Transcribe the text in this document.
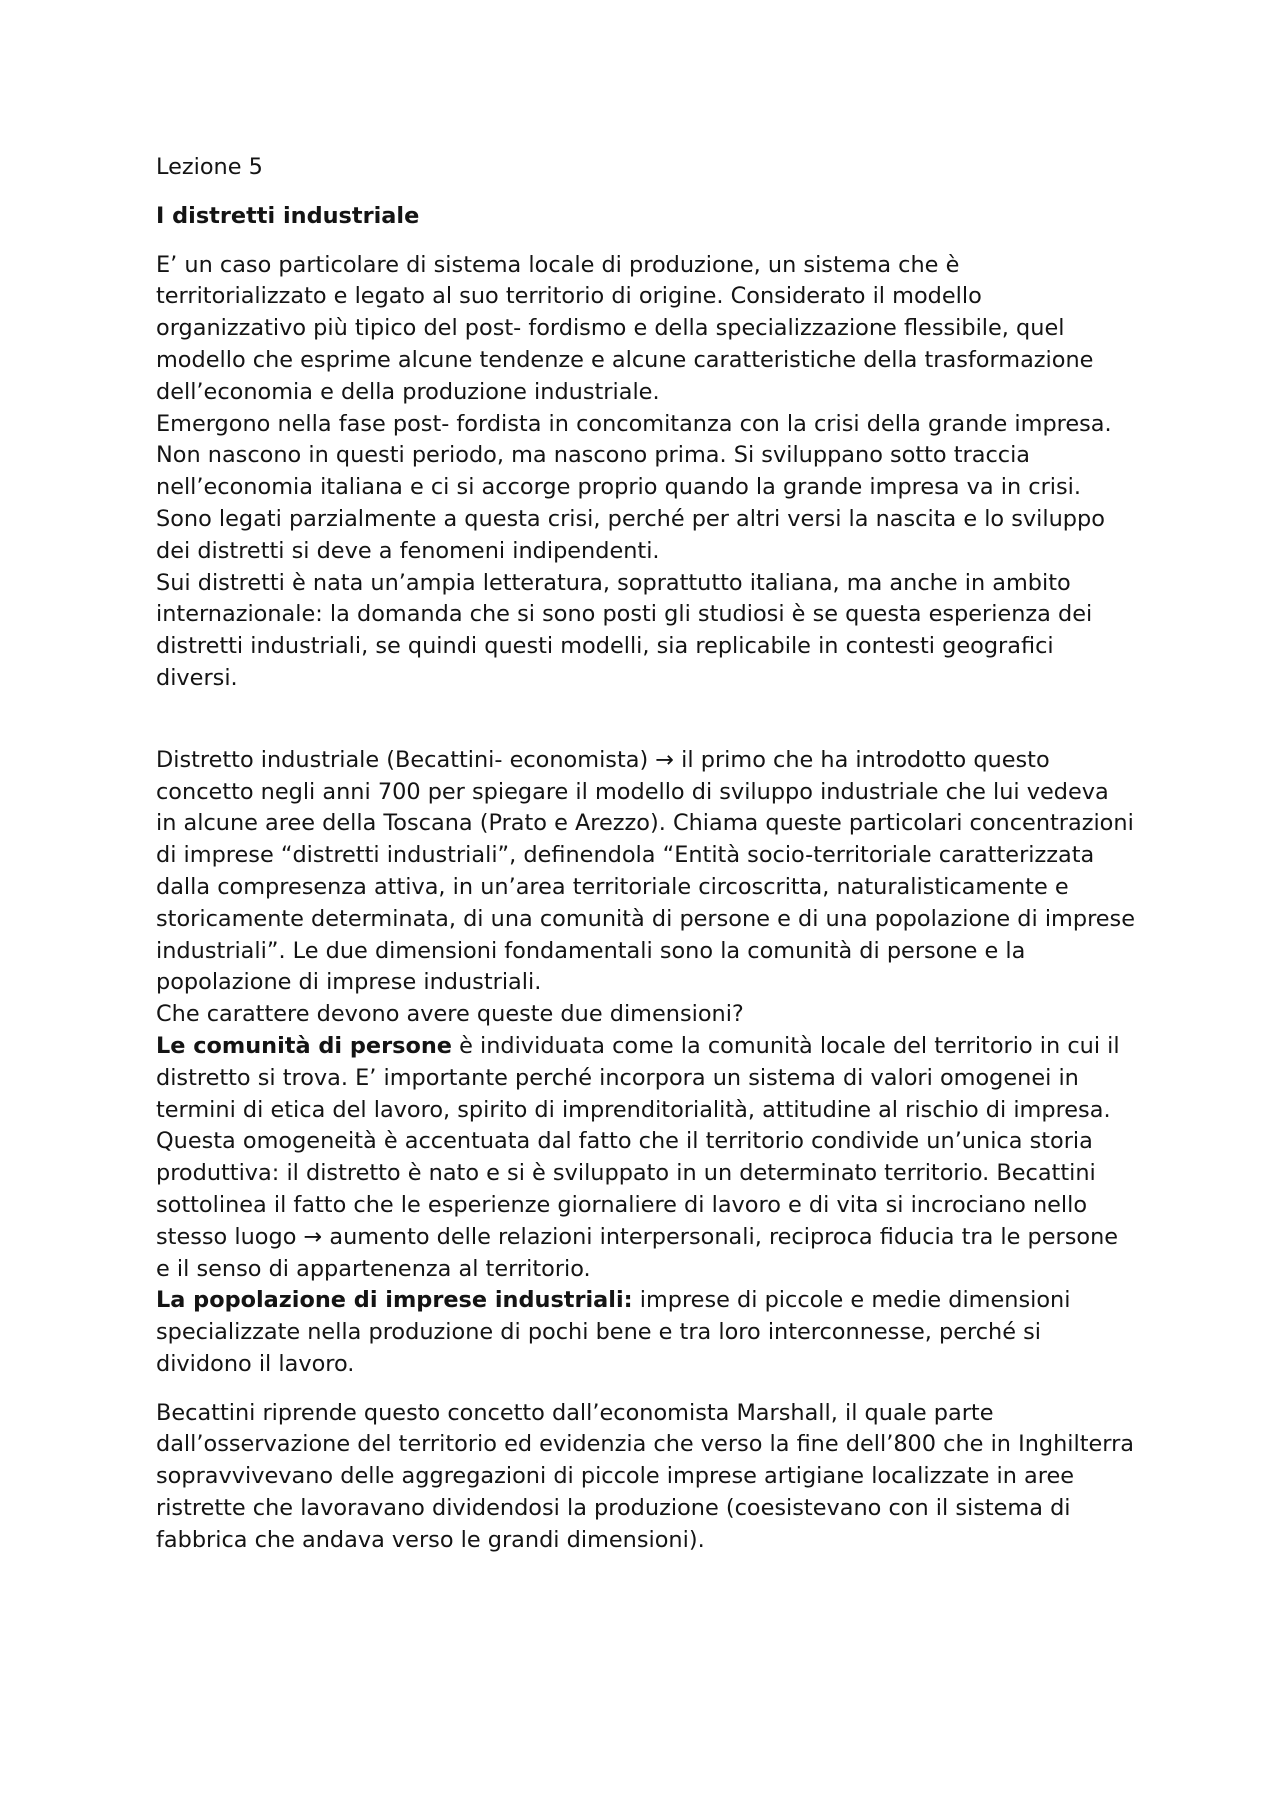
Lezione 5

I distretti industriale

E’ un caso particolare di sistema locale di produzione, un sistema che è territorializzato e legato al suo territorio di origine. Considerato il modello organizzativo più tipico del post- fordismo e della specializzazione flessibile, quel modello che esprime alcune tendenze e alcune caratteristiche della trasformazione dell’economia e della produzione industriale.

Emergono nella fase post- fordista in concomitanza con la crisi della grande impresa. Non nascono in questi periodo, ma nascono prima. Si sviluppano sotto traccia nell’economia italiana e ci si accorge proprio quando la grande impresa va in crisi.

Sono legati parzialmente a questa crisi, perché per altri versi la nascita e lo sviluppo dei distretti si deve a fenomeni indipendenti.

Sui distretti è nata un’ampia letteratura, soprattutto italiana, ma anche in ambito internazionale: la domanda che si sono posti gli studiosi è se questa esperienza dei distretti industriali, se quindi questi modelli, sia replicabile in contesti geografici diversi.

Distretto industriale (Becattini- economista) → il primo che ha introdotto questo concetto negli anni 700 per spiegare il modello di sviluppo industriale che lui vedeva in alcune aree della Toscana (Prato e Arezzo). Chiama queste particolari concentrazioni di imprese “distretti industriali”, definendola “Entità socio-territoriale caratterizzata dalla compresenza attiva, in un’area territoriale circoscritta, naturalisticamente e storicamente determinata, di una comunità di persone e di una popolazione di imprese industriali”. Le due dimensioni fondamentali sono la comunità di persone e la popolazione di imprese industriali.

Che carattere devono avere queste due dimensioni?

Le comunità di persone è individuata come la comunità locale del territorio in cui il distretto si trova. E’ importante perché incorpora un sistema di valori omogenei in termini di etica del lavoro, spirito di imprenditorialità, attitudine al rischio di impresa. Questa omogeneità è accentuata dal fatto che il territorio condivide un’unica storia produttiva: il distretto è nato e si è sviluppato in un determinato territorio. Becattini sottolinea il fatto che le esperienze giornaliere di lavoro e di vita si incrociano nello stesso luogo → aumento delle relazioni interpersonali, reciproca fiducia tra le persone e il senso di appartenenza al territorio.

La popolazione di imprese industriali: imprese di piccole e medie dimensioni specializzate nella produzione di pochi bene e tra loro interconnesse, perché si dividono il lavoro.

Becattini riprende questo concetto dall’economista Marshall, il quale parte dall’osservazione del territorio ed evidenzia che verso la fine dell’800 che in Inghilterra sopravvivevano delle aggregazioni di piccole imprese artigiane localizzate in aree ristrette che lavoravano dividendosi la produzione (coesistevano con il sistema di fabbrica che andava verso le grandi dimensioni).
